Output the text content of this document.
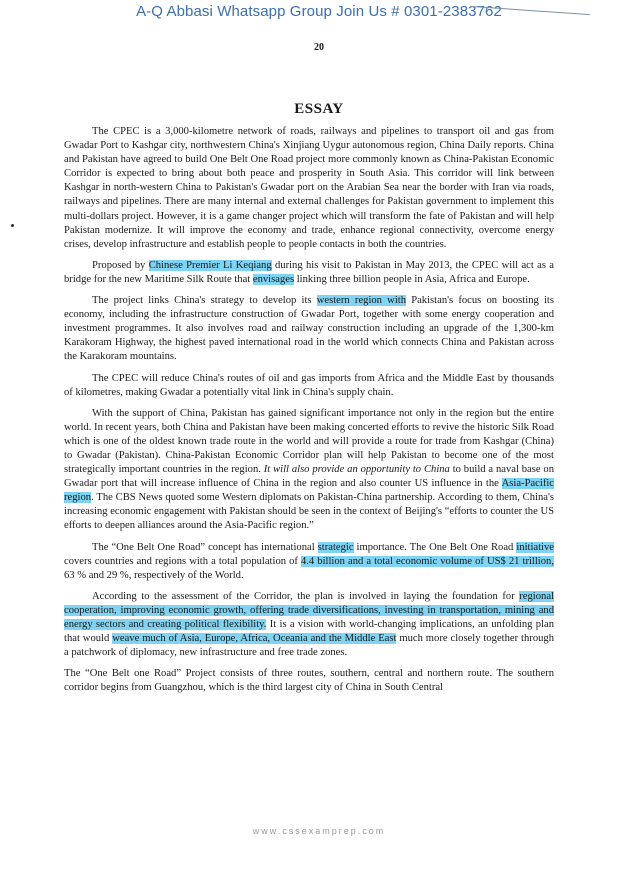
A-Q Abbasi Whatsapp Group Join Us # 0301-2383762
20
ESSAY

The CPEC is a 3,000-kilometre network of roads, railways and pipelines to transport oil and gas from Gwadar Port to Kashgar city, northwestern China's Xinjiang Uygur autonomous region, China Daily reports. China and Pakistan have agreed to build One Belt One Road project more commonly known as China-Pakistan Economic Corridor is expected to bring about both peace and prosperity in South Asia. This corridor will link between Kashgar in north-western China to Pakistan's Gwadar port on the Arabian Sea near the border with Iran via roads, railways and pipelines. There are many internal and external challenges for Pakistan government to implement this multi-dollars project. However, it is a game changer project which will transform the fate of Pakistan and will help Pakistan modernize. It will improve the economy and trade, enhance regional connectivity, overcome energy crises, develop infrastructure and establish people to people contacts in both the countries.

Proposed by Chinese Premier Li Keqiang during his visit to Pakistan in May 2013, the CPEC will act as a bridge for the new Maritime Silk Route that envisages linking three billion people in Asia, Africa and Europe.

The project links China's strategy to develop its western region with Pakistan's focus on boosting its economy, including the infrastructure construction of Gwadar Port, together with some energy cooperation and investment programmes. It also involves road and railway construction including an upgrade of the 1,300-km Karakoram Highway, the highest paved international road in the world which connects China and Pakistan across the Karakoram mountains.

The CPEC will reduce China's routes of oil and gas imports from Africa and the Middle East by thousands of kilometres, making Gwadar a potentially vital link in China's supply chain.

With the support of China, Pakistan has gained significant importance not only in the region but the entire world. In recent years, both China and Pakistan have been making concerted efforts to revive the historic Silk Road which is one of the oldest known trade route in the world and will provide a route for trade from Kashgar (China) to Gwadar (Pakistan). China-Pakistan Economic Corridor plan will help Pakistan to become one of the most strategically important countries in the region. It will also provide an opportunity to China to build a naval base on Gwadar port that will increase influence of China in the region and also counter US influence in the Asia-Pacific region. The CBS News quoted some Western diplomats on Pakistan-China partnership. According to them, China's increasing economic engagement with Pakistan should be seen in the context of Beijing's “efforts to counter the US efforts to deepen alliances around the Asia-Pacific region.”

The “One Belt One Road” concept has international strategic importance. The One Belt One Road initiative covers countries and regions with a total population of 4.4 billion and a total economic volume of US$ 21 trillion, 63 % and 29 %, respectively of the World.

According to the assessment of the Corridor, the plan is involved in laying the foundation for regional cooperation, improving economic growth, offering trade diversifications, investing in transportation, mining and energy sectors and creating political flexibility. It is a vision with world-changing implications, an unfolding plan that would weave much of Asia, Europe, Africa, Oceania and the Middle East much more closely together through a patchwork of diplomacy, new infrastructure and free trade zones.

The “One Belt one Road” Project consists of three routes, southern, central and northern route. The southern corridor begins from Guangzhou, which is the third largest city of China in South Central

www.cssexamprep.com
